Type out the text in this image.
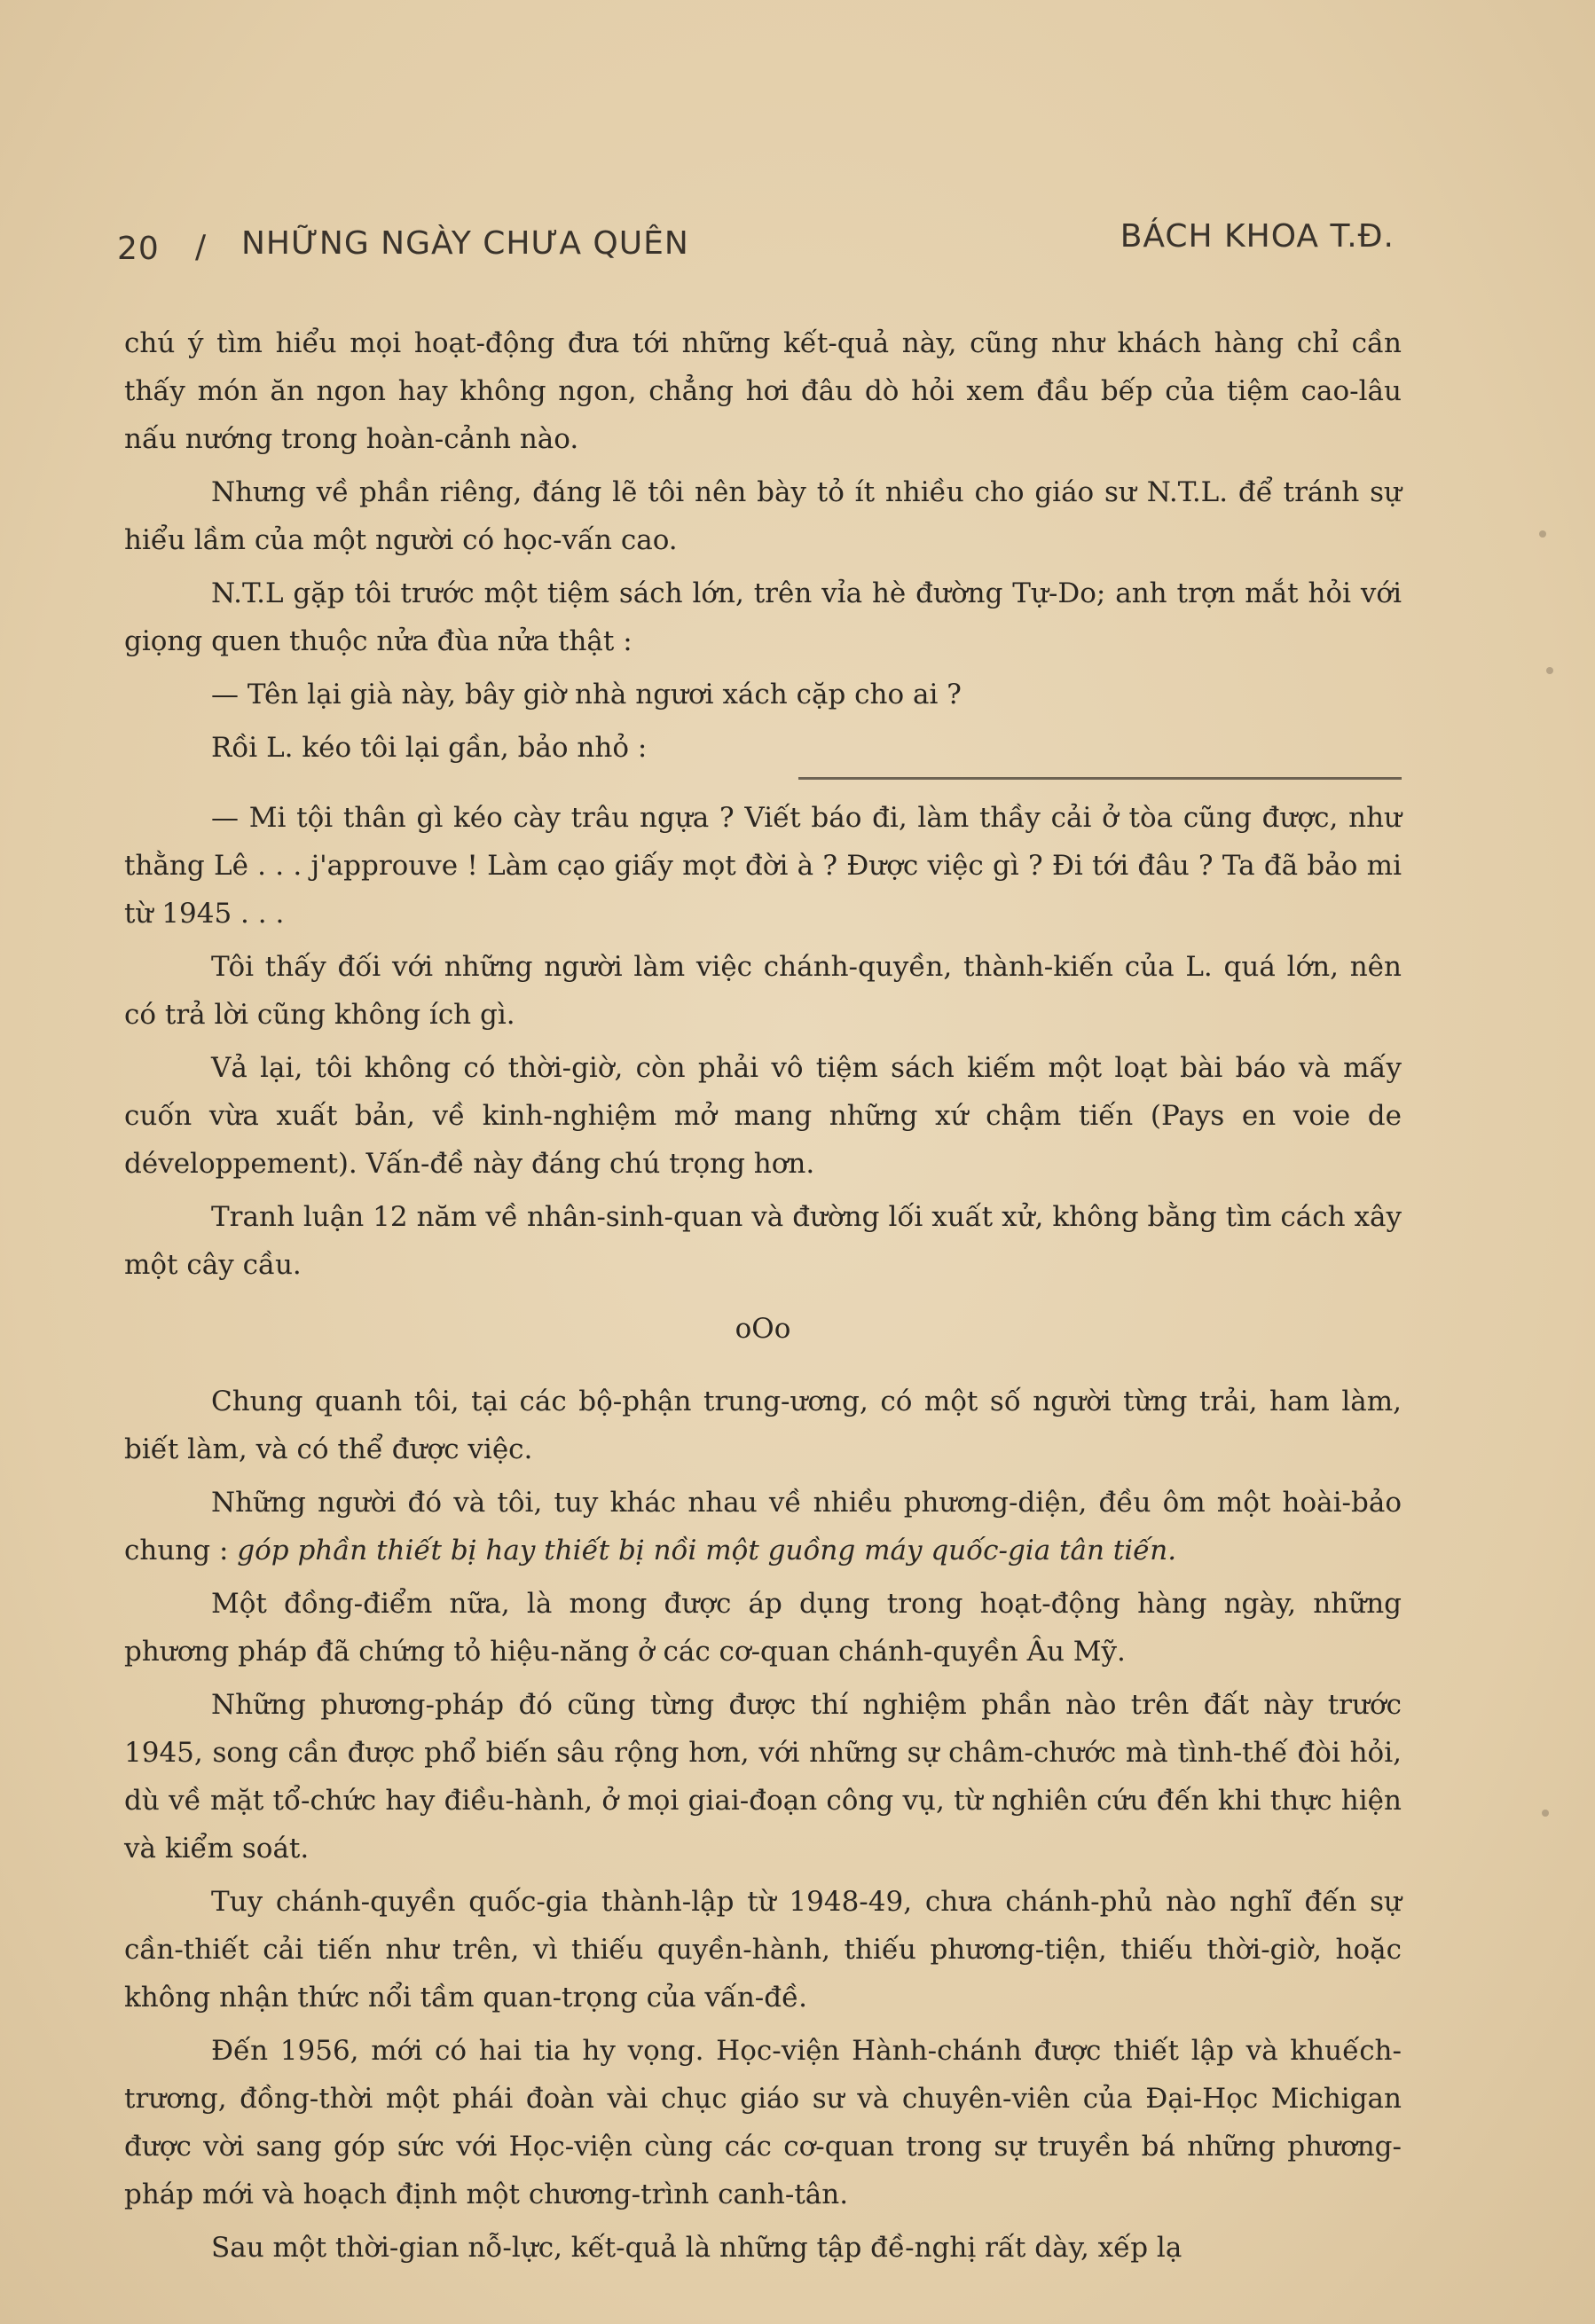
20 / NHỮNG NGÀY CHƯA QUÊN	BÁCH KHOA T.Đ.

chú ý tìm hiểu mọi hoạt-động đưa tới những kết-quả này, cũng như khách hàng chỉ cần thấy món ăn ngon hay không ngon, chẳng hơi đâu dò hỏi xem đầu bếp của tiệm cao-lâu nấu nướng trong hoàn-cảnh nào.

Nhưng về phần riêng, đáng lẽ tôi nên bày tỏ ít nhiều cho giáo sư N.T.L. để tránh sự hiểu lầm của một người có học-vấn cao.

N.T.L gặp tôi trước một tiệm sách lớn, trên vỉa hè đường Tự-Do; anh trợn mắt hỏi với giọng quen thuộc nửa đùa nửa thật :

— Tên lại già này, bây giờ nhà ngươi xách cặp cho ai ?

Rồi L. kéo tôi lại gần, bảo nhỏ :

— Mi tội thân gì kéo cày trâu ngựa ? Viết báo đi, làm thầy cải ở tòa cũng được, như thằng Lê . . . j'approuve ! Làm cạo giấy mọt đời à ? Được việc gì ? Đi tới đâu ? Ta đã bảo mi từ 1945 . . .

Tôi thấy đối với những người làm việc chánh-quyền, thành-kiến của L. quá lớn, nên có trả lời cũng không ích gì.

Vả lại, tôi không có thời-giờ, còn phải vô tiệm sách kiếm một loạt bài báo và mấy cuốn vừa xuất bản, về kinh-nghiệm mở mang những xứ chậm tiến (Pays en voie de développement). Vấn-đề này đáng chú trọng hơn.

Tranh luận 12 năm về nhân-sinh-quan và đường lối xuất xử, không bằng tìm cách xây một cây cầu.

oOo

Chung quanh tôi, tại các bộ-phận trung-ương, có một số người từng trải, ham làm, biết làm, và có thể được việc.

Những người đó và tôi, tuy khác nhau về nhiều phương-diện, đều ôm một hoài-bảo chung : góp phần thiết bị hay thiết bị nồi một guồng máy quốc-gia tân tiến.

Một đồng-điểm nữa, là mong được áp dụng trong hoạt-động hàng ngày, những phương pháp đã chứng tỏ hiệu-năng ở các cơ-quan chánh-quyền Âu Mỹ.

Những phương-pháp đó cũng từng được thí nghiệm phần nào trên đất này trước 1945, song cần được phổ biến sâu rộng hơn, với những sự châm-chước mà tình-thế đòi hỏi, dù về mặt tổ-chức hay điều-hành, ở mọi giai-đoạn công vụ, từ nghiên cứu đến khi thực hiện và kiểm soát.

Tuy chánh-quyền quốc-gia thành-lập từ 1948-49, chưa chánh-phủ nào nghĩ đến sự cần-thiết cải tiến như trên, vì thiếu quyền-hành, thiếu phương-tiện, thiếu thời-giờ, hoặc không nhận thức nổi tầm quan-trọng của vấn-đề.

Đến 1956, mới có hai tia hy vọng. Học-viện Hành-chánh được thiết lập và khuếch-trương, đồng-thời một phái đoàn vài chục giáo sư và chuyên-viên của Đại-Học Michigan được vời sang góp sức với Học-viện cùng các cơ-quan trong sự truyền bá những phương-pháp mới và hoạch định một chương-trình canh-tân.

Sau một thời-gian nỗ-lực, kết-quả là những tập đề-nghị rất dày, xếp lạ
